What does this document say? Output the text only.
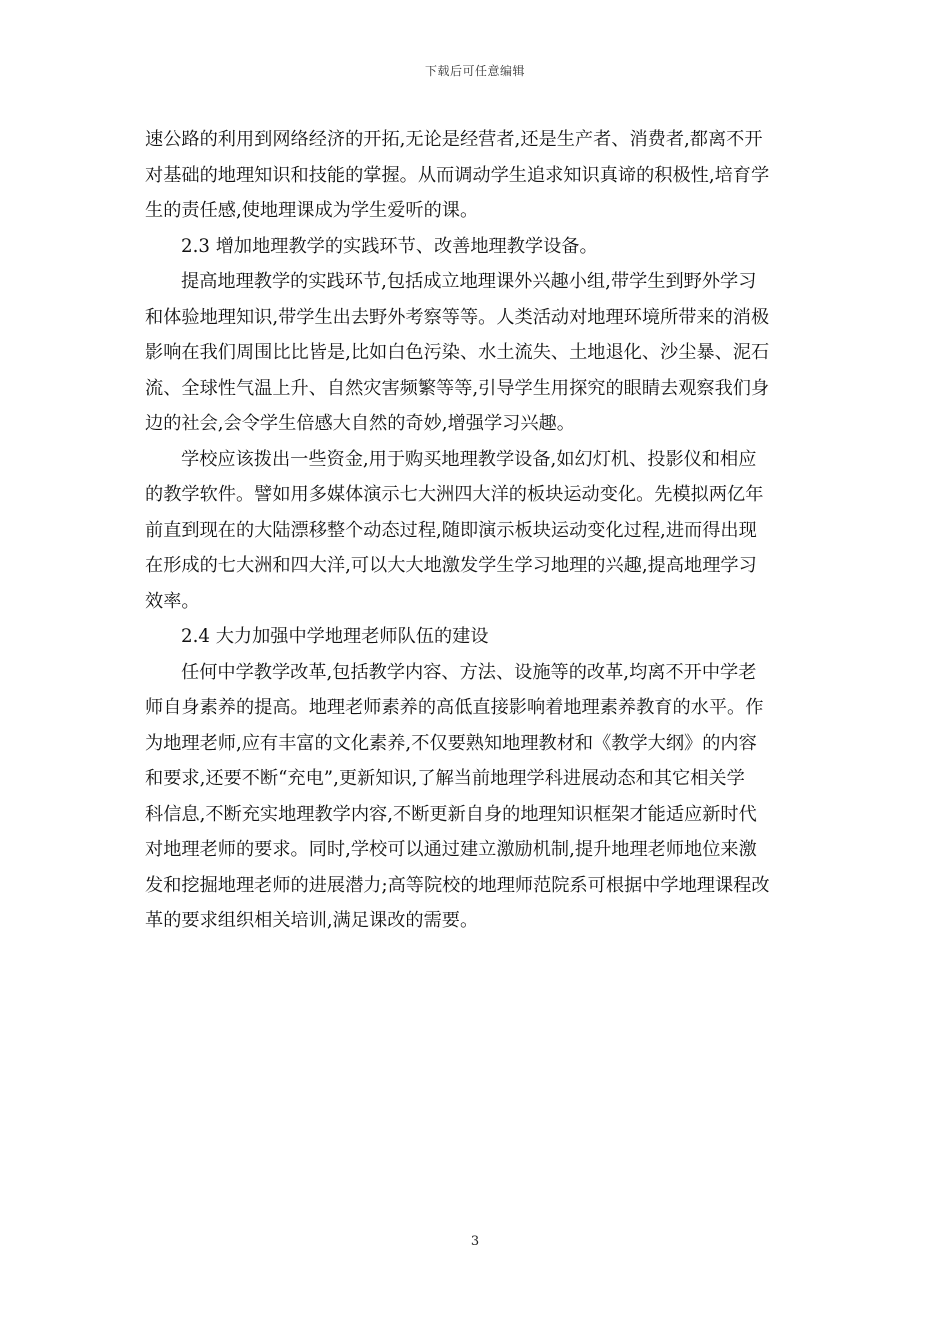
下载后可任意编辑
速公路的利用到网络经济的开拓,无论是经营者,还是生产者、消费者,都离不开
对基础的地理知识和技能的掌握。从而调动学生追求知识真谛的积极性,培育学
生的责任感,使地理课成为学生爱听的课。
2.3 增加地理教学的实践环节、改善地理教学设备。
提高地理教学的实践环节,包括成立地理课外兴趣小组,带学生到野外学习
和体验地理知识,带学生出去野外考察等等。人类活动对地理环境所带来的消极
影响在我们周围比比皆是,比如白色污染、水土流失、土地退化、沙尘暴、泥石
流、全球性气温上升、自然灾害频繁等等,引导学生用探究的眼睛去观察我们身
边的社会,会令学生倍感大自然的奇妙,增强学习兴趣。
学校应该拨出一些资金,用于购买地理教学设备,如幻灯机、投影仪和相应
的教学软件。譬如用多媒体演示七大洲四大洋的板块运动变化。先模拟两亿年
前直到现在的大陆漂移整个动态过程,随即演示板块运动变化过程,进而得出现
在形成的七大洲和四大洋,可以大大地激发学生学习地理的兴趣,提高地理学习
效率。
2.4 大力加强中学地理老师队伍的建设
任何中学教学改革,包括教学内容、方法、设施等的改革,均离不开中学老
师自身素养的提高。地理老师素养的高低直接影响着地理素养教育的水平。作
为地理老师,应有丰富的文化素养,不仅要熟知地理教材和《教学大纲》的内容
和要求,还要不断“充电”,更新知识,了解当前地理学科进展动态和其它相关学
科信息,不断充实地理教学内容,不断更新自身的地理知识框架才能适应新时代
对地理老师的要求。同时,学校可以通过建立激励机制,提升地理老师地位来激
发和挖掘地理老师的进展潜力;高等院校的地理师范院系可根据中学地理课程改
革的要求组织相关培训,满足课改的需要。
3
